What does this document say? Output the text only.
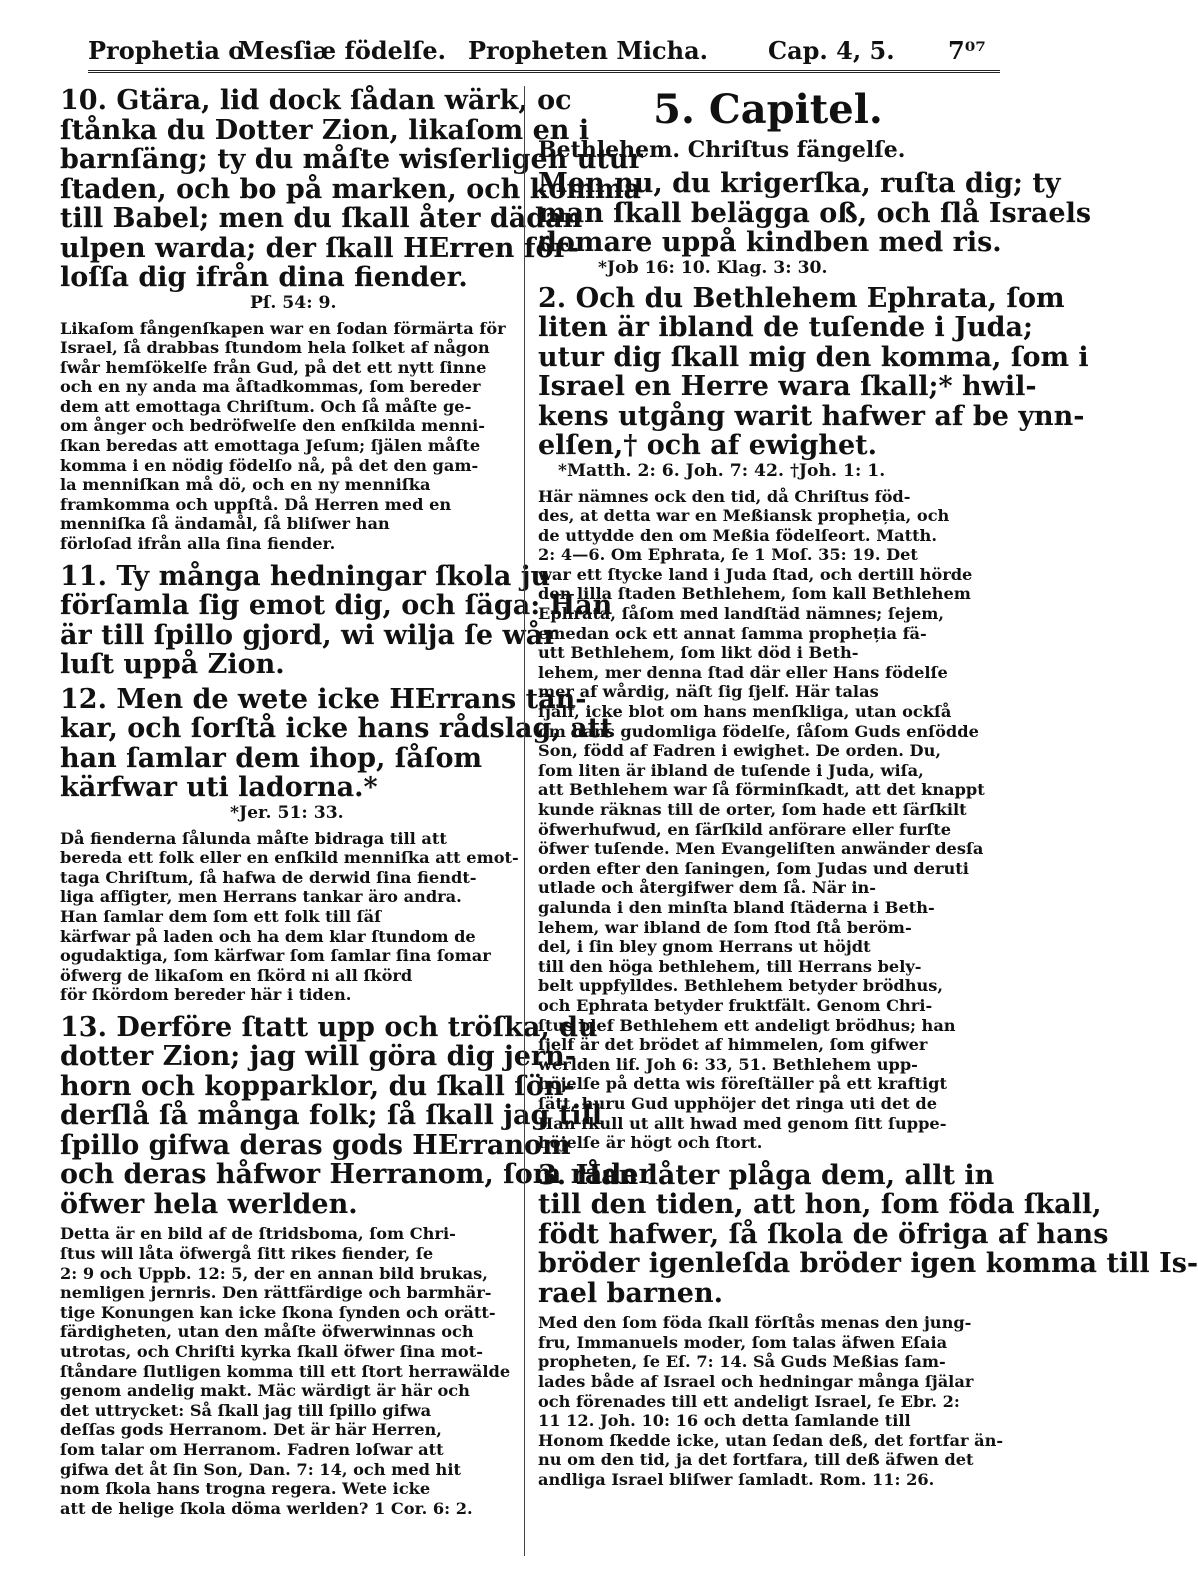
Prophetia o
Mesſiæ födelſe. Propheten Micha. Cap. 4, 5. 7⁰⁷

10. Gtära, lid dock ſådan wärk, oc
ſtånka du Dotter Zion, likaſom en i
barnſäng; ty du måſte wisſerligen utur
ſtaden, och bo på marken, och komma
till Babel; men du ſkall åter dädan
ulpen warda; der ſkall HErren för-
loſſa dig ifrån dina fiender.

Pſ. 54: 9.

Likaſom fångenſkapen war en ſodan förmärta för
Israel, ſå drabbas ſtundom hela ſolket af någon
ſwår hemſökelſe från Gud, på det ett nytt ſinne
och en ny anda ma åſtadkommas, ſom bereder
dem att emottaga Chriſtum. Och ſå måſte ge-
om ånger och bedröfwelſe den enſkilda menni-
ſkan beredas att emottaga Jeſum; ſjälen måſte
komma i en nödig födelſo nå, på det den gam-
la menniſkan må dö, och en ny menniſka
framkomma och uppſtå. Då Herren med en
menniſka ſå ändamål, ſå bliſwer han
förloſad ifrån alla ſina fiender.

11. Ty många hedningar ſkola ju
förſamla ſig emot dig, och ſäga: Han
är till ſpillo gjord, wi wilja ſe wår
luſt uppå Zion.

12. Men de wete icke HErrans tan-
kar, och ſorſtå icke hans rådslag, att
han ſamlar dem ihop, ſåſom
kärfwar uti ladorna.*

*Jer. 51: 33.

Då fienderna ſålunda måſte bidraga till att
bereda ett folk eller en enſkild menniſka att emot-
taga Chriſtum, ſå hafwa de derwid ſina fiendt-
liga afſigter, men Herrans tankar äro andra.
Han ſamlar dem ſom ett folk till ſäſ
kärfwar på laden och ha dem klar ſtundom de
ogudaktiga, ſom kärfwar ſom ſamlar ſina ſomar
öfwerg de likaſom en ſkörd ni all ſkörd
för ſkördom bereder här i tiden.

13. Derföre ſtatt upp och tröſka, du
dotter Zion; jag will göra dig jern-
horn och kopparklor, du ſkall ſön-
derſlå ſå många folk; ſå ſkall jag till
ſpillo gifwa deras gods HErranom
och deras håfwor Herranom, ſom råder
öfwer hela werlden.

Detta är en bild af de ſtridsboma, ſom Chri-
ſtus will låta öfwergå ſitt rikes fiender, ſe
2: 9 och Uppb. 12: 5, der en annan bild brukas,
nemligen jernris. Den rättfärdige och barmhär-
tige Konungen kan icke ſkona ſynden och orätt-
färdigheten, utan den måſte öfwerwinnas och
utrotas, och Chriſti kyrka ſkall öfwer ſina mot-
ſtåndare ſlutligen komma till ett ſtort herrawälde
genom andelig makt. Mäc wärdigt är här och
det uttrycket: Så ſkall jag till ſpillo gifwa
deſſas gods Herranom. Det är här Herren,
ſom talar om Herranom. Fadren loſwar att
gifwa det åt ſin Son, Dan. 7: 14, och med hit
nom ſkola hans trogna regera. Wete icke
att de helige ſkola döma werlden? 1 Cor. 6: 2.

5. Capitel.

Bethlehem. Chriſtus fängelſe.

Men nu, du krigerſka, ruſta dig; ty
man ſkall belägga oß, och ſlå Israels
domare uppå kindben med ris.

*Job 16: 10. Klag. 3: 30.

2. Och du Bethlehem Ephrata, ſom
liten är ibland de tuſende i Juda;
utur dig ſkall mig den komma, ſom i
Israel en Herre wara ſkall;* hwil-
kens utgång warit hafwer af be ynn-
elſen,† och af ewighet.

*Matth. 2: 6. Joh. 7: 42. †Joh. 1: 1.

Här nämnes ock den tid, då Chriſtus föd-
des, at detta war en Meßiansk propheția, och
de uttydde den om Meßia födelſeort. Matth.
2: 4—6. Om Ephrata, ſe 1 Moſ. 35: 19. Det
war ett ſtycke land i Juda ſtad, och dertill hörde
den lilla ſtaden Bethlehem, ſom kall Bethlehem
Ephrata, ſåſom med landſtäd nämnes; ſejem,
emedan ock ett annat ſamma propheția fä-
utt Bethlehem, ſom likt död i Beth-
lehem, mer denna ſtad där eller Hans födelſe
mer af wårdig, näſt ſig ſjelf. Här talas
ſjälf, icke blot om hans menſkliga, utan ockſå
om hans gudomliga födelſe, ſåſom Guds enſödde
Son, född af Fadren i ewighet. De orden. Du,
ſom liten är ibland de tuſende i Juda, wiſa,
att Bethlehem war ſå förminſkadt, att det knappt
kunde räknas till de orter, ſom hade ett ſärſkilt
öfwerhufwud, en ſärſkild anförare eller furſte
öfwer tuſende. Men Evangeliſten anwänder desſa
orden efter den ſaningen, ſom Judas und deruti
utlade och återgifwer dem ſå. När in-
galunda i den minſta bland ſtäderna i Beth-
lehem, war ibland de ſom ſtod ſtå beröm-
del, i ſin bley gnom Herrans ut höjdt
till den höga bethlehem, till Herrans bely-
belt uppfylldes. Bethlehem betyder brödhus,
och Ephrata betyder fruktfält. Genom Chri-
ſtus blef Bethlehem ett andeligt brödhus; han
ſjelf är det brödet af himmelen, ſom gifwer
werlden lif. Joh 6: 33, 51. Bethlehem upp-
höjelſe på detta wis föreſtäller på ett kraftigt
ſätt, huru Gud upphöjer det ringa uti det de
Han ſkull ut allt hwad med genom ſitt ſuppe-
höjelſe är högt och ſtort.

3. Han låter plåga dem, allt in
till den tiden, att hon, ſom föda ſkall,
födt hafwer, ſå ſkola de öfriga af hans
bröder igenleſda bröder igen komma till Is-
rael barnen.

Med den ſom föda ſkall förſtås menas den jung-
fru, Immanuels moder, ſom talas äfwen Eſaia
propheten, ſe Eſ. 7: 14. Så Guds Meßias ſam-
lades både af Israel och hedningar många ſjälar
och förenades till ett andeligt Israel, ſe Ebr. 2:
11 12. Joh. 10: 16 och detta ſamlande till
Honom ſkedde icke, utan ſedan deß, det fortfar än-
nu om den tid, ja det fortfara, till deß äfwen det
andliga Israel bliſwer ſamladt. Rom. 11: 26.
